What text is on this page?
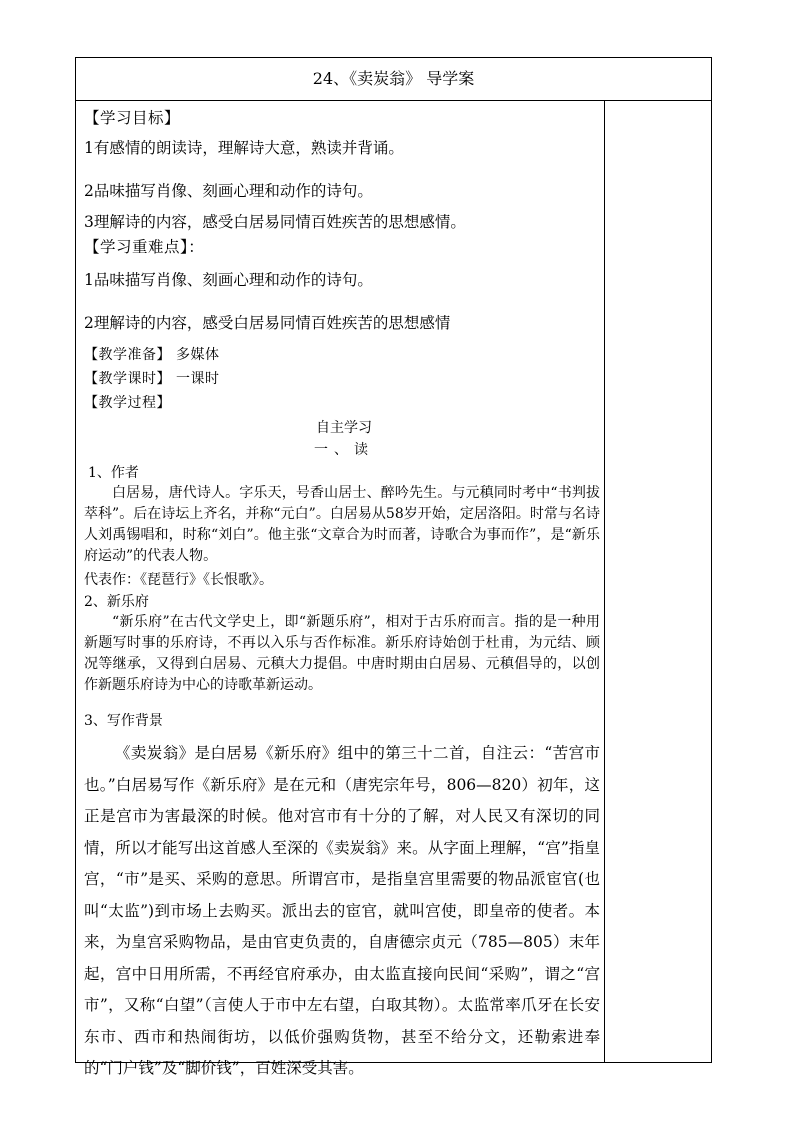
24、《卖炭翁》 导学案
【学习目标】
1有感情的朗读诗，理解诗大意，熟读并背诵。
2品味描写肖像、刻画心理和动作的诗句。
3理解诗的内容，感受白居易同情百姓疾苦的思想感情。
【学习重难点】：
1品味描写肖像、刻画心理和动作的诗句。
2理解诗的内容，感受白居易同情百姓疾苦的思想感情
【教学准备】 多媒体
【教学课时】 一课时
【教学过程】
自主学习
一、读
1、作者
白居易，唐代诗人。字乐天，号香山居士、醉吟先生。与元稹同时考中“书判拔萃科”。后在诗坛上齐名，并称“元白”。白居易从58岁开始，定居洛阳。时常与名诗人刘禹锡唱和，时称“刘白”。他主张“文章合为时而著，诗歌合为事而作”，是“新乐府运动”的代表人物。
代表作：《琵琶行》《长恨歌》。
2、新乐府
“新乐府”在古代文学史上，即“新题乐府”，相对于古乐府而言。指的是一种用新题写时事的乐府诗，不再以入乐与否作标准。新乐府诗始创于杜甫，为元结、顾况等继承，又得到白居易、元稹大力提倡。中唐时期由白居易、元稹倡导的，以创作新题乐府诗为中心的诗歌革新运动。
3、写作背景
《卖炭翁》是白居易《新乐府》组中的第三十二首，自注云：“苦宫市也。”白居易写作《新乐府》是在元和（唐宪宗年号，806—820）初年，这正是宫市为害最深的时候。他对宫市有十分的了解，对人民又有深切的同情，所以才能写出这首感人至深的《卖炭翁》来。从字面上理解，“宫”指皇宫，“市”是买、采购的意思。所谓宫市，是指皇宫里需要的物品派宦官(也叫“太监”)到市场上去购买。派出去的宦官，就叫宫使，即皇帝的使者。本来，为皇宫采购物品，是由官吏负责的，自唐德宗贞元（785—805）末年起，宫中日用所需，不再经官府承办，由太监直接向民间“采购”，谓之“宫市”，又称“白望”（言使人于市中左右望，白取其物）。太监常率爪牙在长安东市、西市和热闹街坊，以低价强购货物，甚至不给分文，还勒索进奉的“门户钱”及“脚价钱”，百姓深受其害。
